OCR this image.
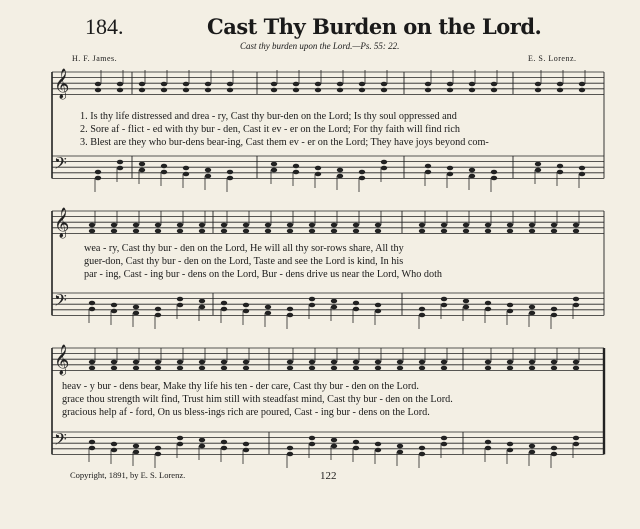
184.	Cast Thy Burden on the Lord.
Cast thy burden upon the Lord.—Ps. 55: 22.
H. F. James.	E. S. Lorenz.
𝄞
𝄢
𝄞
𝄢
𝄞
𝄢
1. Is thy life distressed and drea - ry, Cast thy bur-den on the Lord; Is thy soul oppressed and
2. Sore af - flict - ed with thy bur - den, Cast it ev - er on the Lord; For thy faith will find rich
3. Blest are they who bur-dens bear-ing, Cast them ev - er on the Lord; They have joys beyond com-
wea - ry, Cast thy bur - den on the Lord, He will all thy sor-rows share, All thy
guer-don, Cast thy bur - den on the Lord, Taste and see the Lord is kind, In his
par - ing, Cast - ing bur - dens on the Lord, Bur - dens drive us near the Lord, Who doth
heav - y bur - dens bear, Make thy life his ten - der care, Cast thy bur - den on the Lord.
grace thou strength wilt find, Trust him still with steadfast mind, Cast thy bur - den on the Lord.
gracious help af - ford, On us bless-ings rich are poured, Cast - ing bur - dens on the Lord.
Copyright, 1891, by E. S. Lorenz.	122
